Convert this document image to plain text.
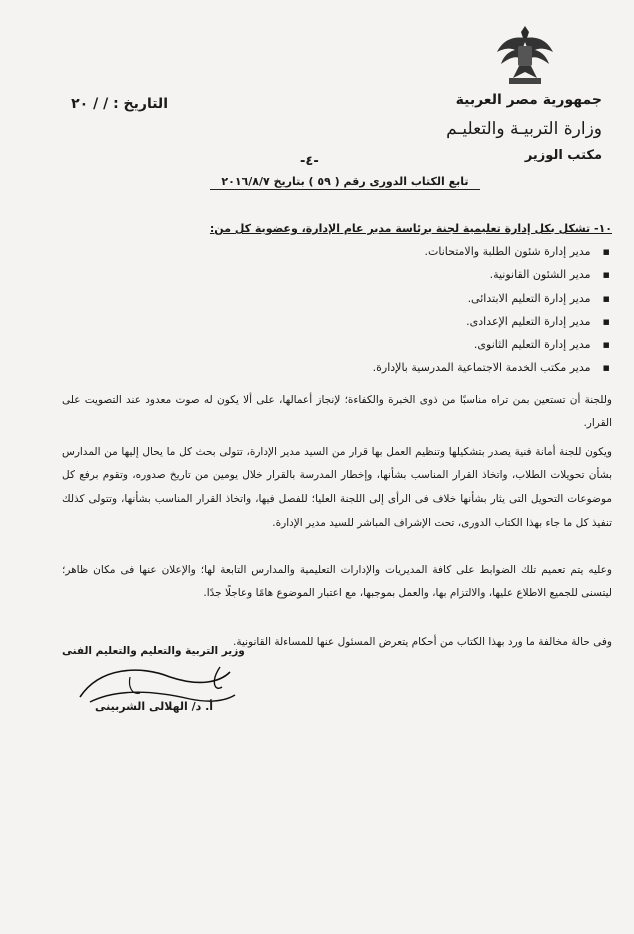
جمهورية مصر العربية
وزارة التربيـة والتعليـم
مكتب الوزير
التاريخ : / / ٢٠
-٤-
تابع الكتاب الدورى رقم ( ٥٩ ) بتاريخ ٢٠١٦/٨/٧
١٠- تشكل بكل إدارة تعليمية لجنة برئاسة مدير عام الإدارة، وعضوية كل من:
▪ مدير إدارة شئون الطلبة والامتحانات.
▪ مدير الشئون القانونية.
▪ مدير إدارة التعليم الابتدائى.
▪ مدير إدارة التعليم الإعدادى.
▪ مدير إدارة التعليم الثانوى.
▪ مدير مكتب الخدمة الاجتماعية المدرسية بالإدارة.

وللجنة أن تستعين بمن تراه مناسبًا من ذوى الخبرة والكفاءة؛ لإنجاز أعمالها، على ألا يكون له صوت معدود عند التصويت على القرار.

ويكون للجنة أمانة فنية يصدر بتشكيلها وتنظيم العمل بها قرار من السيد مدير الإدارة، تتولى بحث كل ما يحال إليها من المدارس بشأن تحويلات الطلاب، واتخاذ القرار المناسب بشأنها، وإخطار المدرسة بالقرار خلال يومين من تاريخ صدوره، وتقوم برفع كل موضوعات التحويل التى يثار بشأنها خلاف فى الرأى إلى اللجنة العليا؛ للفصل فيها، واتخاذ القرار المناسب بشأنها، وتتولى كذلك تنفيذ كل ما جاء بهذا الكتاب الدورى، تحت الإشراف المباشر للسيد مدير الإدارة.

وعليه يتم تعميم تلك الضوابط على كافة المديريات والإدارات التعليمية والمدارس التابعة لها؛ والإعلان عنها فى مكان ظاهر؛ ليتسنى للجميع الاطلاع عليها، والالتزام بها، والعمل بموجبها، مع اعتبار الموضوع هامًا وعاجلًا جدًا.

وفى حالة مخالفة ما ورد بهذا الكتاب من أحكام يتعرض المسئول عنها للمساءلة القانونية.

وزير التربية والتعليم والتعليم الفنى
أ. د/ الهلالى الشربينى
